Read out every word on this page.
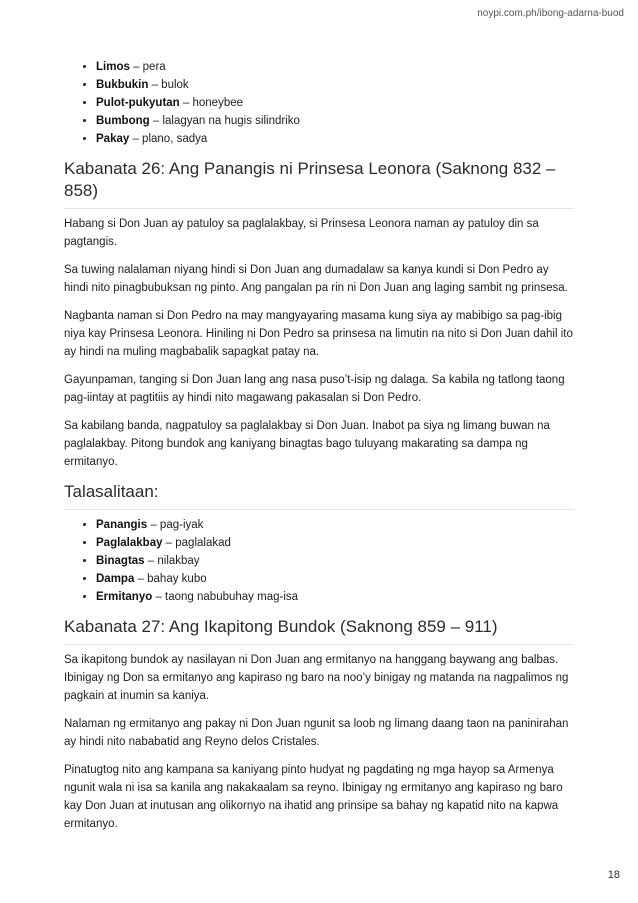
noypi.com.ph/ibong-adarna-buod
• Limos – pera
• Bukbukin – bulok
• Pulot-pukyutan – honeybee
• Bumbong – lalagyan na hugis silindriko
• Pakay – plano, sadya
Kabanata 26: Ang Panangis ni Prinsesa Leonora (Saknong 832 – 858)

Habang si Don Juan ay patuloy sa paglalakbay, si Prinsesa Leonora naman ay patuloy din sa pagtangis.

Sa tuwing nalalaman niyang hindi si Don Juan ang dumadalaw sa kanya kundi si Don Pedro ay hindi nito pinagbubuksan ng pinto. Ang pangalan pa rin ni Don Juan ang laging sambit ng prinsesa.

Nagbanta naman si Don Pedro na may mangyayaring masama kung siya ay mabibigo sa pag-ibig niya kay Prinsesa Leonora. Hiniling ni Don Pedro sa prinsesa na limutin na nito si Don Juan dahil ito ay hindi na muling magbabalik sapagkat patay na.

Gayunpaman, tanging si Don Juan lang ang nasa puso’t-isip ng dalaga. Sa kabila ng tatlong taong pag-iintay at pagtitiis ay hindi nito magawang pakasalan si Don Pedro.

Sa kabilang banda, nagpatuloy sa paglalakbay si Don Juan. Inabot pa siya ng limang buwan na paglalakbay. Pitong bundok ang kaniyang binagtas bago tuluyang makarating sa dampa ng ermitanyo.

Talasalitaan:
• Panangis – pag-iyak
• Paglalakbay – paglalakad
• Binagtas – nilakbay
• Dampa – bahay kubo
• Ermitanyo – taong nabubuhay mag-isa
Kabanata 27: Ang Ikapitong Bundok (Saknong 859 – 911)

Sa ikapitong bundok ay nasilayan ni Don Juan ang ermitanyo na hanggang baywang ang balbas. Ibinigay ng Don sa ermitanyo ang kapiraso ng baro na noo’y binigay ng matanda na nagpalimos ng pagkain at inumin sa kaniya.

Nalaman ng ermitanyo ang pakay ni Don Juan ngunit sa loob ng limang daang taon na paninirahan ay hindi nito nababatid ang Reyno delos Cristales.

Pinatugtog nito ang kampana sa kaniyang pinto hudyat ng pagdating ng mga hayop sa Armenya ngunit wala ni isa sa kanila ang nakakaalam sa reyno. Ibinigay ng ermitanyo ang kapiraso ng baro kay Don Juan at inutusan ang olikornyo na ihatid ang prinsipe sa bahay ng kapatid nito na kapwa ermitanyo.

18
